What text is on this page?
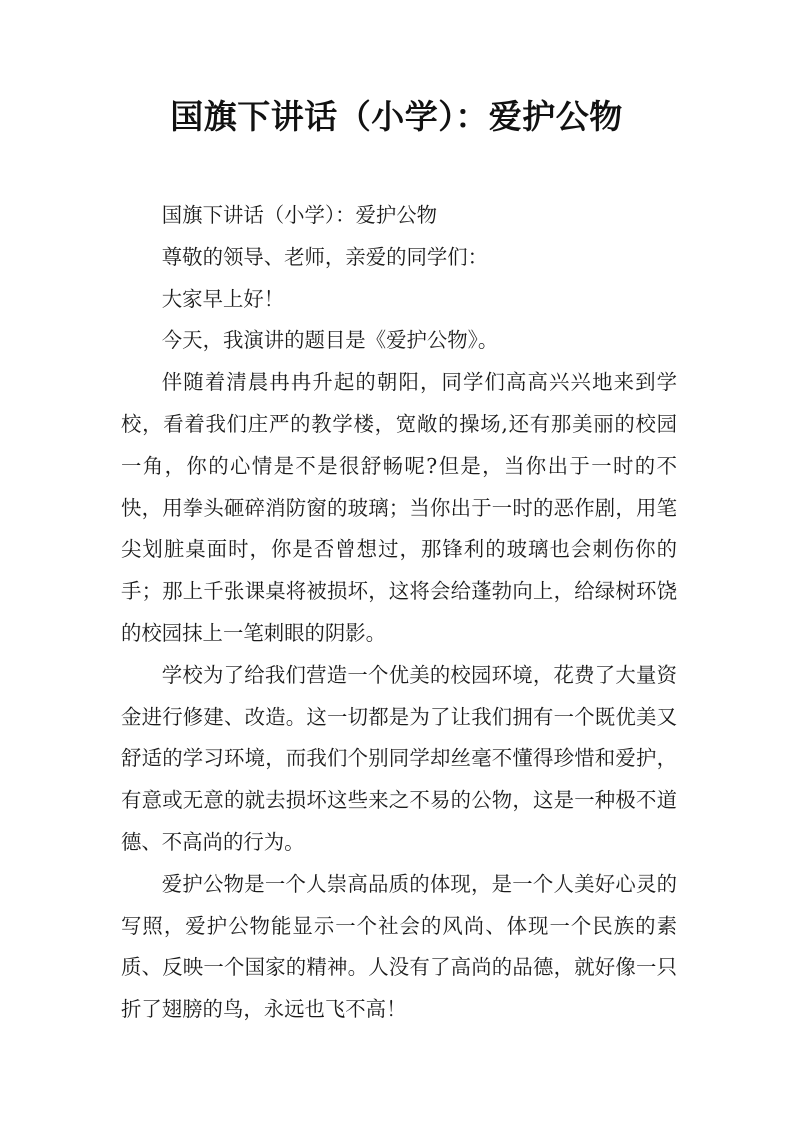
国旗下讲话（小学）：爱护公物

国旗下讲话（小学）：爱护公物

尊敬的领导、老师，亲爱的同学们：

大家早上好！

今天，我演讲的题目是《爱护公物》。

伴随着清晨冉冉升起的朝阳，同学们高高兴兴地来到学校，看着我们庄严的教学楼，宽敞的操场,还有那美丽的校园一角，你的心情是不是很舒畅呢?但是，当你出于一时的不快，用拳头砸碎消防窗的玻璃；当你出于一时的恶作剧，用笔尖划脏桌面时，你是否曾想过，那锋利的玻璃也会刺伤你的手；那上千张课桌将被损坏，这将会给蓬勃向上，给绿树环饶的校园抹上一笔刺眼的阴影。

学校为了给我们营造一个优美的校园环境，花费了大量资金进行修建、改造。这一切都是为了让我们拥有一个既优美又舒适的学习环境，而我们个别同学却丝毫不懂得珍惜和爱护，有意或无意的就去损坏这些来之不易的公物，这是一种极不道德、不高尚的行为。

爱护公物是一个人崇高品质的体现，是一个人美好心灵的写照，爱护公物能显示一个社会的风尚、体现一个民族的素质、反映一个国家的精神。人没有了高尚的品德，就好像一只折了翅膀的鸟，永远也飞不高！
